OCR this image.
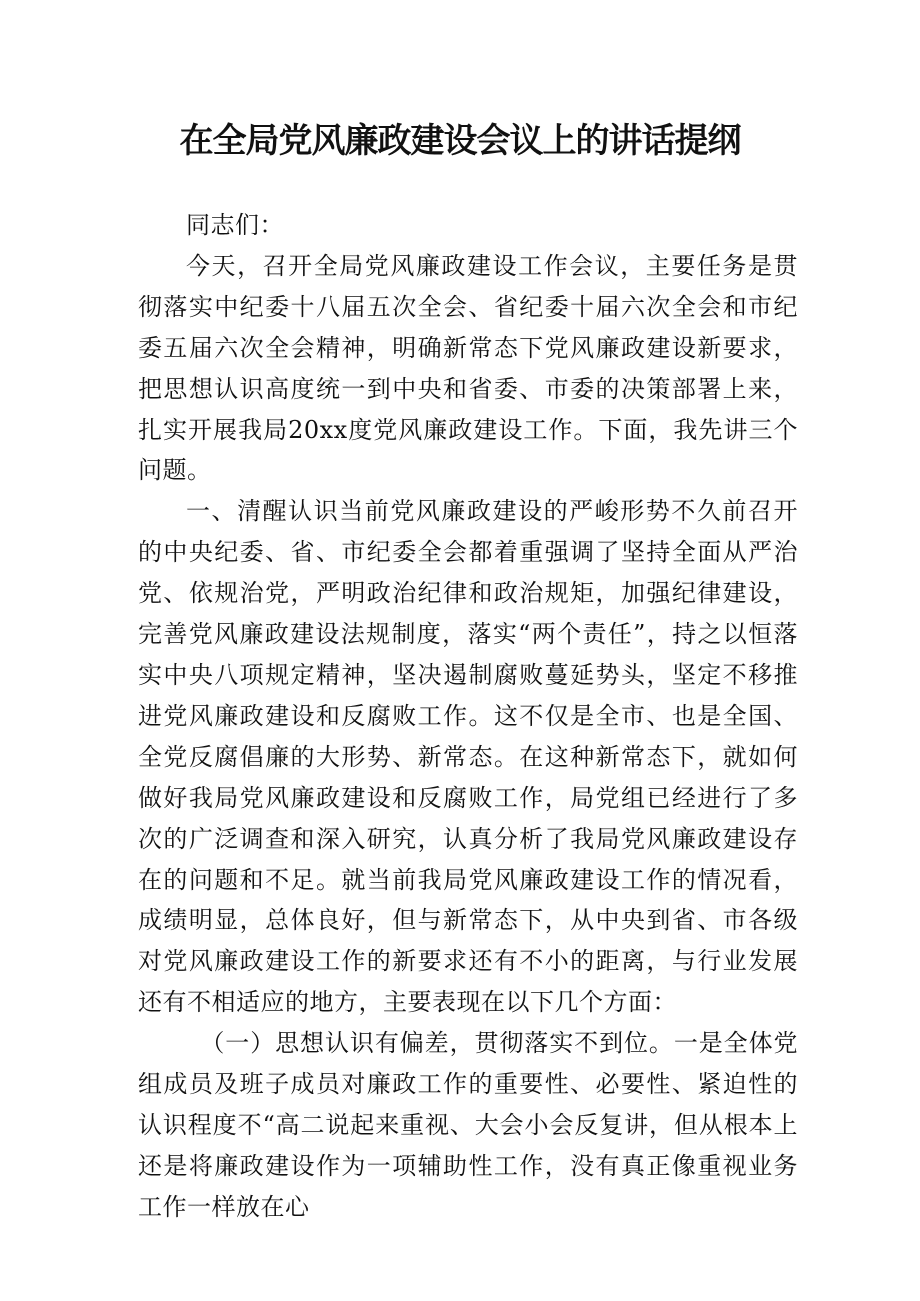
在全局党风廉政建设会议上的讲话提纲

同志们：

今天，召开全局党风廉政建设工作会议，主要任务是贯彻落实中纪委十八届五次全会、省纪委十届六次全会和市纪委五届六次全会精神，明确新常态下党风廉政建设新要求，把思想认识高度统一到中央和省委、市委的决策部署上来，扎实开展我局20xx度党风廉政建设工作。下面，我先讲三个问题。

一、清醒认识当前党风廉政建设的严峻形势不久前召开的中央纪委、省、市纪委全会都着重强调了坚持全面从严治党、依规治党，严明政治纪律和政治规矩，加强纪律建设，完善党风廉政建设法规制度，落实“两个责任”，持之以恒落实中央八项规定精神，坚决遏制腐败蔓延势头，坚定不移推进党风廉政建设和反腐败工作。这不仅是全市、也是全国、全党反腐倡廉的大形势、新常态。在这种新常态下，就如何做好我局党风廉政建设和反腐败工作，局党组已经进行了多次的广泛调查和深入研究，认真分析了我局党风廉政建设存在的问题和不足。就当前我局党风廉政建设工作的情况看，成绩明显，总体良好，但与新常态下，从中央到省、市各级对党风廉政建设工作的新要求还有不小的距离，与行业发展还有不相适应的地方，主要表现在以下几个方面：

（一）思想认识有偏差，贯彻落实不到位。一是全体党组成员及班子成员对廉政工作的重要性、必要性、紧迫性的认识程度不“高二说起来重视、大会小会反复讲，但从根本上还是将廉政建设作为一项辅助性工作，没有真正像重视业务工作一样放在心
